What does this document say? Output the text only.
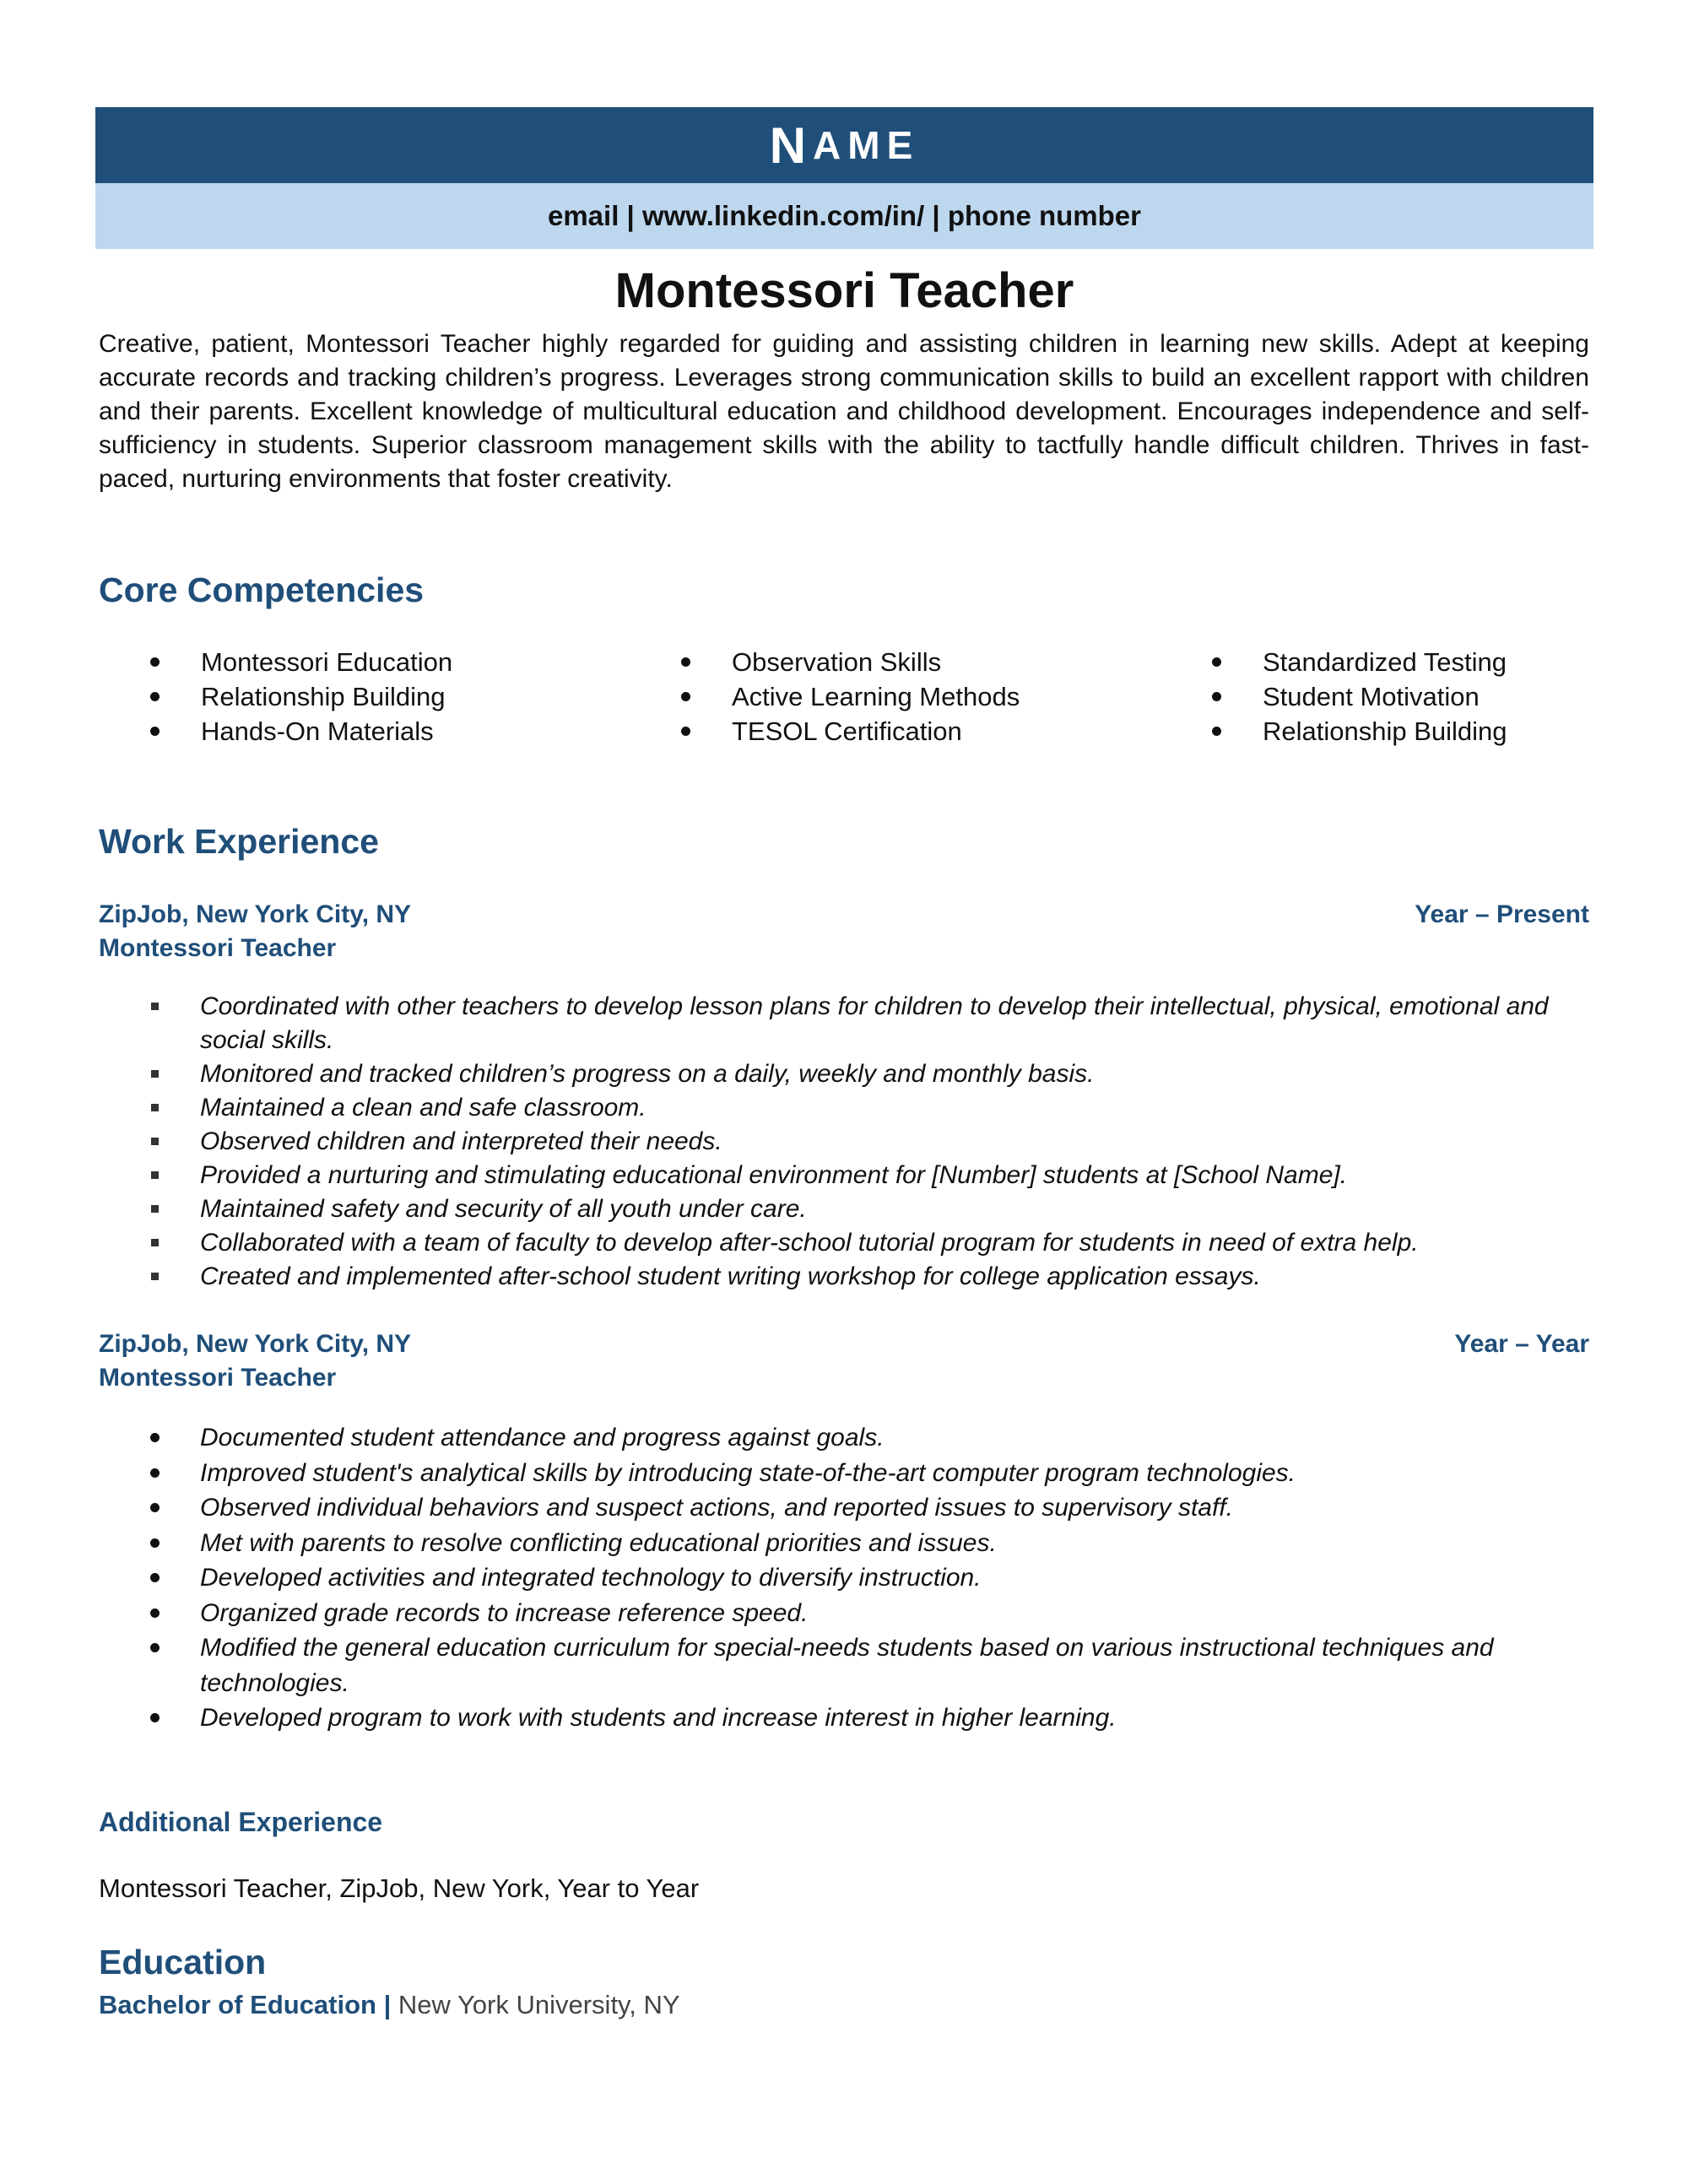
N AME
email | www.linkedin.com/in/ | phone number
Montessori Teacher

Creative, patient, Montessori Teacher highly regarded for guiding and assisting children in learning new skills. Adept at keeping accurate records and tracking children’s progress. Leverages strong communication skills to build an excellent rapport with children and their parents. Excellent knowledge of multicultural education and childhood development. Encourages independence and self-sufficiency in students. Superior classroom management skills with the ability to tactfully handle difficult children. Thrives in fast-paced, nurturing environments that foster creativity.

Core Competencies
Montessori Education
Relationship Building
Hands-On Materials
Observation Skills
Active Learning Methods
TESOL Certification
Standardized Testing
Student Motivation
Relationship Building
Work Experience
ZipJob, New York City, NY	Year – Present
Montessori Teacher
Coordinated with other teachers to develop lesson plans for children to develop their intellectual, physical, emotional and social skills.
Monitored and tracked children’s progress on a daily, weekly and monthly basis.
Maintained a clean and safe classroom.
Observed children and interpreted their needs.
Provided a nurturing and stimulating educational environment for [Number] students at [School Name].
Maintained safety and security of all youth under care.
Collaborated with a team of faculty to develop after-school tutorial program for students in need of extra help.
Created and implemented after-school student writing workshop for college application essays.
ZipJob, New York City, NY	Year – Year
Montessori Teacher
Documented student attendance and progress against goals.
Improved student's analytical skills by introducing state-of-the-art computer program technologies.
Observed individual behaviors and suspect actions, and reported issues to supervisory staff.
Met with parents to resolve conflicting educational priorities and issues.
Developed activities and integrated technology to diversify instruction.
Organized grade records to increase reference speed.
Modified the general education curriculum for special-needs students based on various instructional techniques and technologies.
Developed program to work with students and increase interest in higher learning.
Additional Experience

Montessori Teacher, ZipJob, New York, Year to Year

Education
Bachelor of Education | New York University, NY
